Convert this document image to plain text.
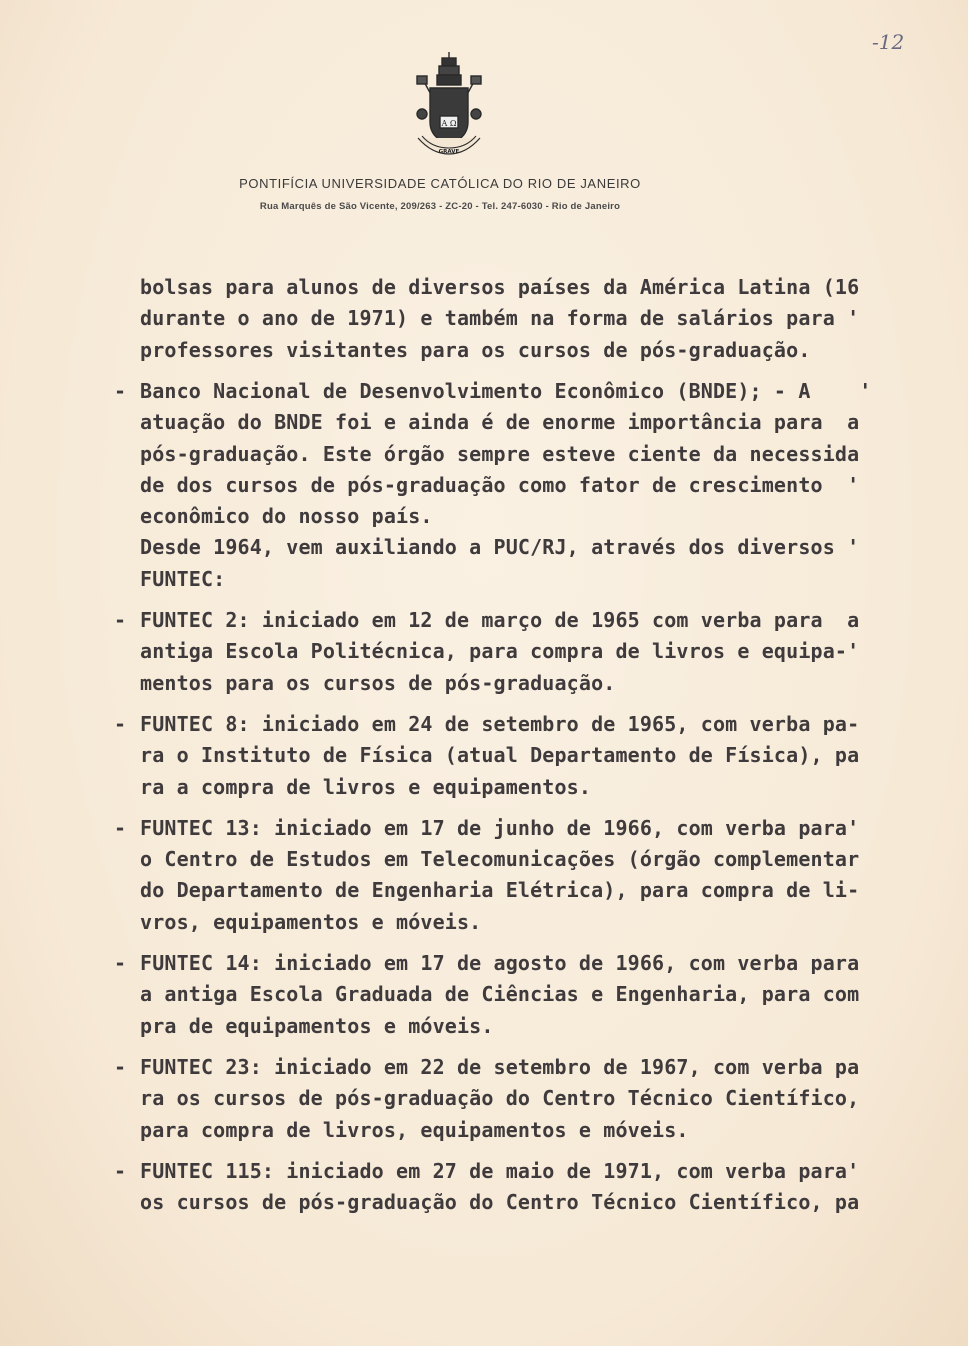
-12
A Ω
GRAVE
PONTIFÍCIA UNIVERSIDADE CATÓLICA DO RIO DE JANEIRO
Rua Marquês de São Vicente, 209/263 - ZC-20 - Tel. 247-6030 - Rio de Janeiro
bolsas para alunos de diversos países da América Latina (16
durante o ano de 1971) e também na forma de salários para '
professores visitantes para os cursos de pós-graduação.
- Banco Nacional de Desenvolvimento Econômico (BNDE); - A    '
atuação do BNDE foi e ainda é de enorme importância para  a
pós-graduação. Este órgão sempre esteve ciente da necessida
de dos cursos de pós-graduação como fator de crescimento  '
econômico do nosso país.
Desde 1964, vem auxiliando a PUC/RJ, através dos diversos '
FUNTEC:
- FUNTEC 2: iniciado em 12 de março de 1965 com verba para  a
antiga Escola Politécnica, para compra de livros e equipa-'
mentos para os cursos de pós-graduação.
- FUNTEC 8: iniciado em 24 de setembro de 1965, com verba pa-
ra o Instituto de Física (atual Departamento de Física), pa
ra a compra de livros e equipamentos.
- FUNTEC 13: iniciado em 17 de junho de 1966, com verba para'
o Centro de Estudos em Telecomunicações (órgão complementar
do Departamento de Engenharia Elétrica), para compra de li-
vros, equipamentos e móveis.
- FUNTEC 14: iniciado em 17 de agosto de 1966, com verba para
a antiga Escola Graduada de Ciências e Engenharia, para com
pra de equipamentos e móveis.
- FUNTEC 23: iniciado em 22 de setembro de 1967, com verba pa
ra os cursos de pós-graduação do Centro Técnico Científico,
para compra de livros, equipamentos e móveis.
- FUNTEC 115: iniciado em 27 de maio de 1971, com verba para'
os cursos de pós-graduação do Centro Técnico Científico, pa
